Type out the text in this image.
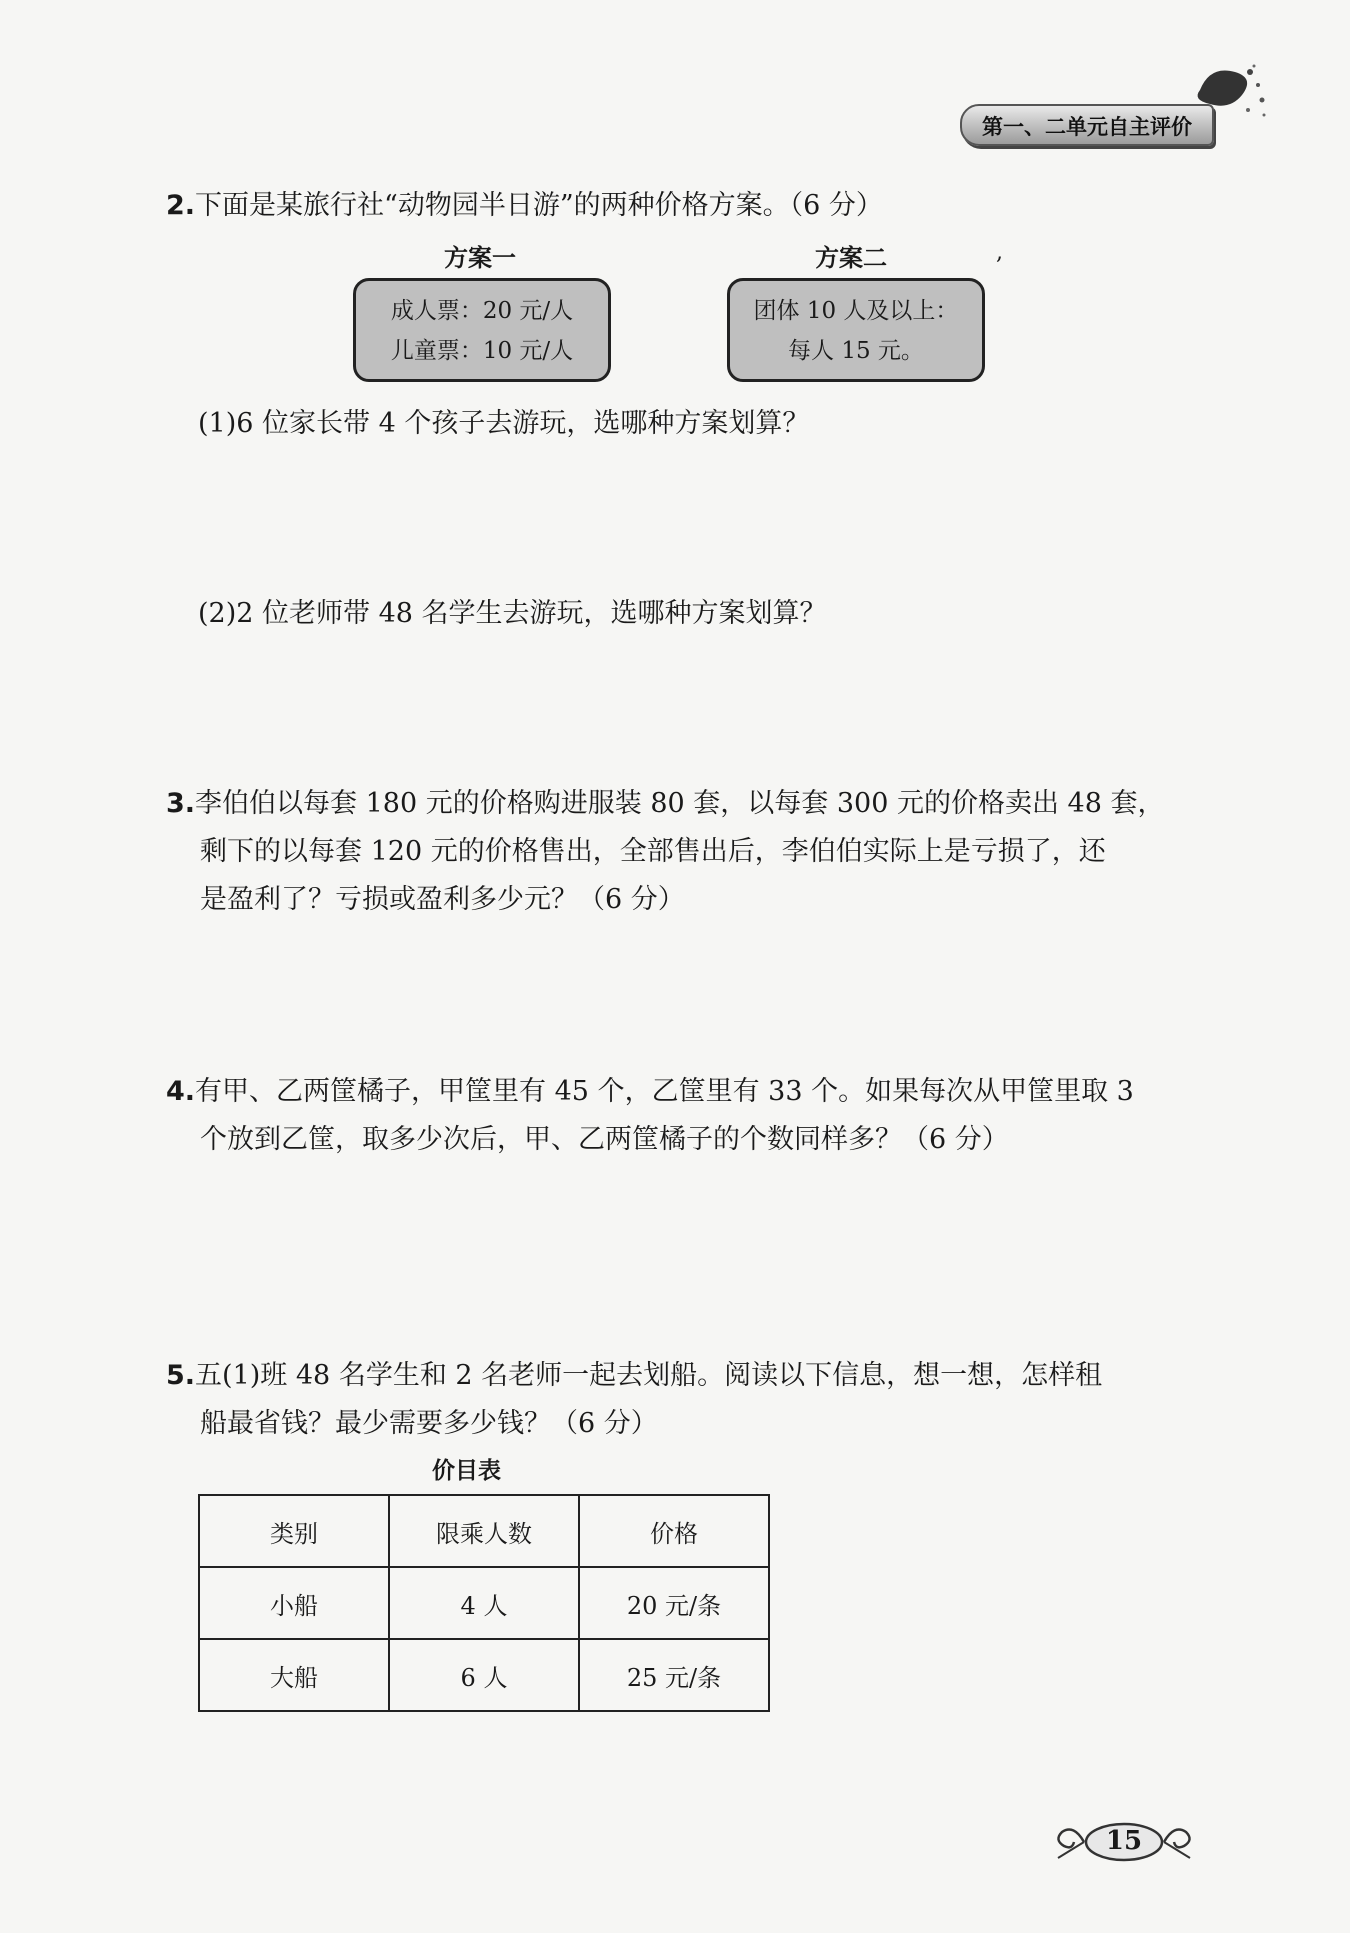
第一、二单元自主评价
2.下面是某旅行社“动物园半日游”的两种价格方案。（6 分）
方案一	方案二	,
成人票：20 元/人
儿童票：10 元/人
团体 10 人及以上：
每人 15 元。
(1)6 位家长带 4 个孩子去游玩，选哪种方案划算？
(2)2 位老师带 48 名学生去游玩，选哪种方案划算？
3.李伯伯以每套 180 元的价格购进服装 80 套，以每套 300 元的价格卖出 48 套，
剩下的以每套 120 元的价格售出，全部售出后，李伯伯实际上是亏损了，还
是盈利了？亏损或盈利多少元？（6 分）
4.有甲、乙两筐橘子，甲筐里有 45 个，乙筐里有 33 个。如果每次从甲筐里取 3
个放到乙筐，取多少次后，甲、乙两筐橘子的个数同样多？（6 分）
5.五(1)班 48 名学生和 2 名老师一起去划船。阅读以下信息，想一想，怎样租
船最省钱？最少需要多少钱？（6 分）
价目表
类别	限乘人数	价格
小船	4 人	20 元/条
大船	6 人	25 元/条
15
